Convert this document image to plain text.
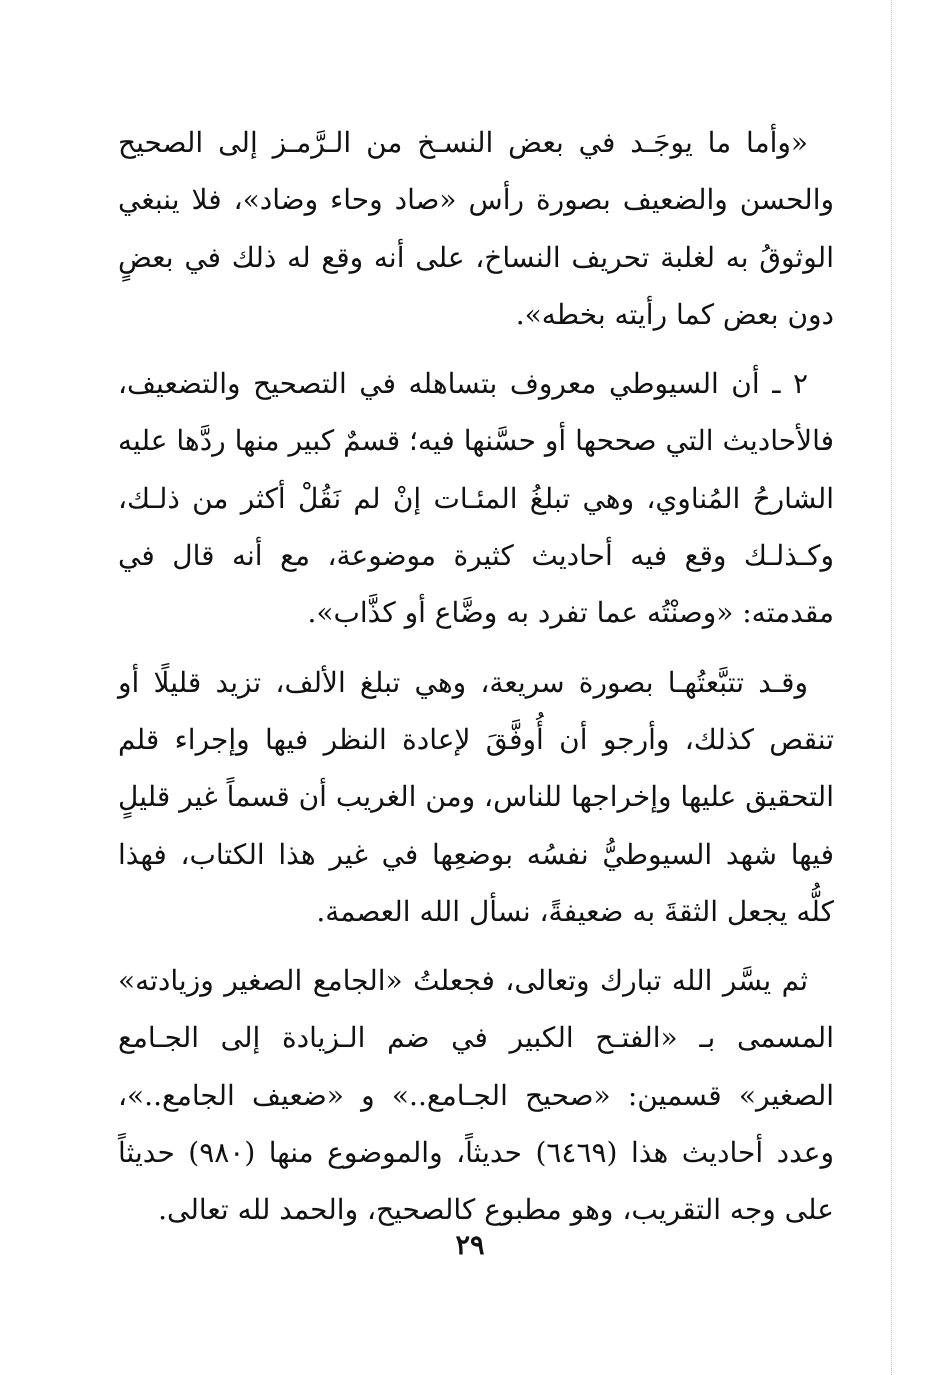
«وأما ما يوجَـد في بعض النسـخ من الـرَّمـز إلى الصحيح والحسن والضعيف بصورة رأس «صاد وحاء وضاد»، فلا ينبغي الوثوقُ به لغلبة تحريف النساخ، على أنه وقع له ذلك في بعضٍ دون بعض كما رأيته بخطه».

٢ ـ أن السيوطي معروف بتساهله في التصحيح والتضعيف، فالأحاديث التي صححها أو حسَّنها فيه؛ قسمٌ كبير منها ردَّها عليه الشارحُ المُناوي، وهي تبلغُ المئـات إنْ لم نَقُلْ أكثر من ذلـك، وكـذلـك وقع فيه أحاديث كثيرة موضوعة، مع أنه قال في مقدمته: «وصنْتُه عما تفرد به وضَّاع أو كذَّاب».

وقـد تتبَّعتُهـا بصورة سريعة، وهي تبلغ الألف، تزيد قليلًا أو تنقص كذلك، وأرجو أن أُوفَّقَ لإعادة النظر فيها وإجراء قلم التحقيق عليها وإخراجها للناس، ومن الغريب أن قسماً غير قليلٍ فيها شهد السيوطيُّ نفسُه بوضعِها في غير هذا الكتاب، فهذا كلُّه يجعل الثقةَ به ضعيفةً، نسأل الله العصمة.

ثم يسَّر الله تبارك وتعالى، فجعلتُ «الجامع الصغير وزيادته» المسمى بـ «الفتـح الكبير في ضم الـزيادة إلى الجـامع الصغير» قسمين: «صحيح الجـامع..» و «ضعيف الجامع..»، وعدد أحاديث هذا (٦٤٦٩) حديثاً، والموضوع منها (٩٨٠) حديثاً على وجه التقريب، وهو مطبوع كالصحيح، والحمد لله تعالى.

٢٩
